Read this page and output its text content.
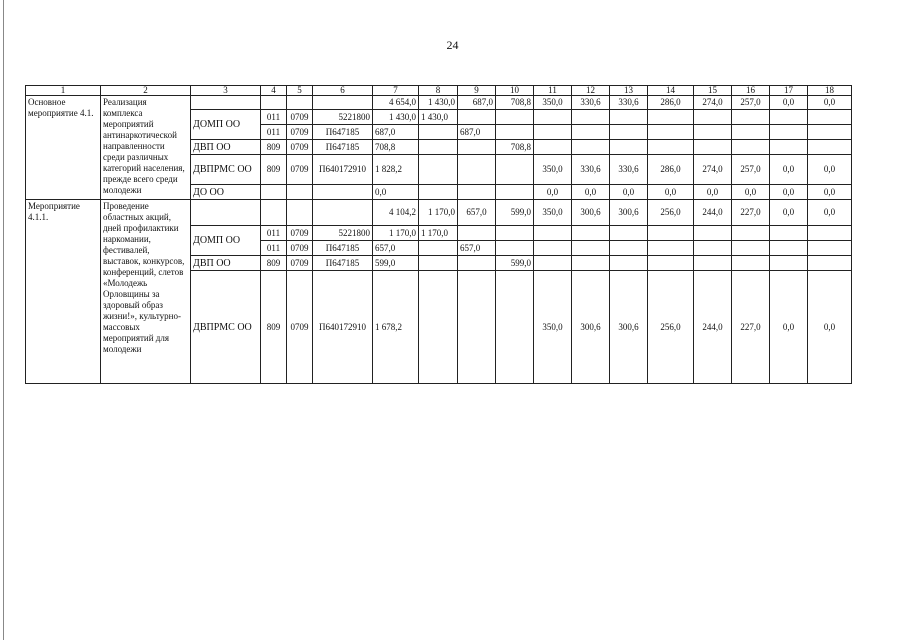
24
1	2	3	4	5	6	7	8	9	10	11	12	13	14	15	16	17	18
Основное мероприятие 4.1.	Реализация комплекса мероприятий антинаркотической направленности среди различных категорий населения, прежде всего среди молодежи					4 654,0	1 430,0	687,0	708,8	350,0	330,6	330,6	286,0	274,0	257,0	0,0	0,0
		ДОМП ОО	011	0709	5221800	1 430,0	1 430,0										
			011	0709	П647185	687,0		687,0									
		ДВП ОО	809	0709	П647185	708,8			708,8								
		ДВПРМС ОО	809	0709	П640172910	1 828,2				350,0	330,6	330,6	286,0	274,0	257,0	0,0	0,0
		ДО ОО				0,0				0,0	0,0	0,0	0,0	0,0	0,0	0,0	0,0
Мероприятие 4.1.1.	Проведение областных акций, дней профилактики наркомании, фестивалей, выставок, конкурсов, конференций, слетов «Молодежь Орловщины за здоровый образ жизни!», культурно-массовых мероприятий для молодежи					4 104,2	1 170,0	657,0	599,0	350,0	300,6	300,6	256,0	244,0	227,0	0,0	0,0
		ДОМП ОО	011	0709	5221800	1 170,0	1 170,0										
			011	0709	П647185	657,0		657,0									
		ДВП ОО	809	0709	П647185	599,0			599,0								
		ДВПРМС ОО	809	0709	П640172910	1 678,2				350,0	300,6	300,6	256,0	244,0	227,0	0,0	0,0
